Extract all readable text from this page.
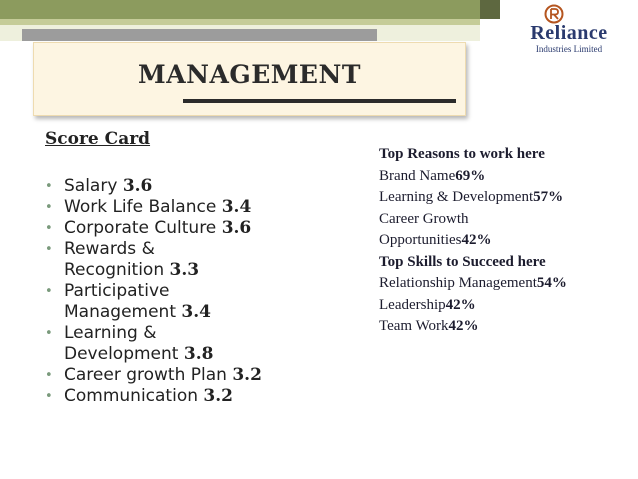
Reliance
Industries Limited
MANAGEMENT
Score Card
• Salary 3.6
• Work Life Balance 3.4
• Corporate Culture 3.6
• Rewards &
Recognition 3.3
• Participative
Management 3.4
• Learning &
Development 3.8
• Career growth Plan 3.2
• Communication 3.2
Top Reasons to work here
Brand Name69%
Learning & Development57%
Career Growth Opportunities42%
Top Skills to Succeed here
Relationship Management54%
Leadership42%
Team Work42%
